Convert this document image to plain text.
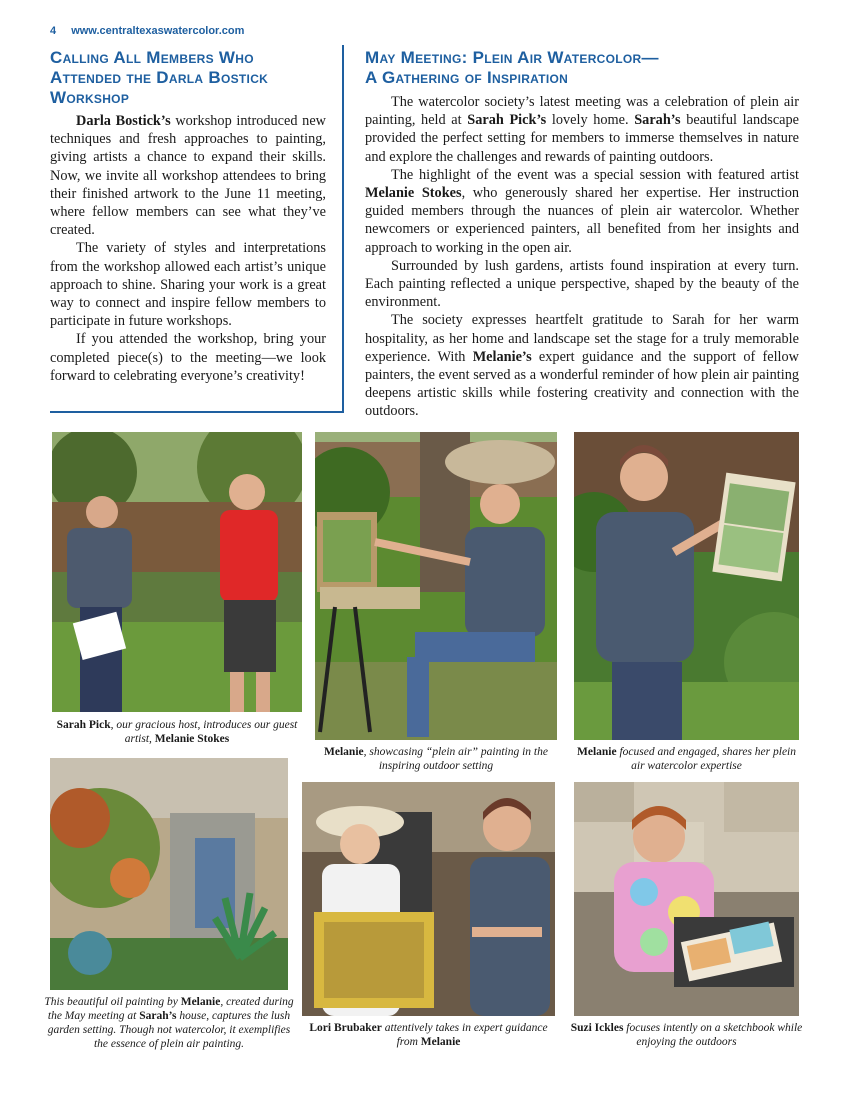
4 www.centraltexaswatercolor.com
Calling All Members Who
Attended the Darla Bostick
Workshop

Darla Bostick’s workshop introduced new techniques and fresh approaches to painting, giving artists a chance to expand their skills. Now, we invite all workshop attendees to bring their finished artwork to the June 11 meeting, where fellow members can see what they’ve created.

The variety of styles and interpretations from the workshop allowed each artist’s unique approach to shine. Sharing your work is a great way to connect and inspire fellow members to participate in future workshops.

If you attended the workshop, bring your completed piece(s) to the meeting—we look forward to celebrating everyone’s creativity!

May Meeting: Plein Air Watercolor—
A Gathering of Inspiration

The watercolor society’s latest meeting was a celebration of plein air painting, held at Sarah Pick’s lovely home. Sarah’s beautiful landscape provided the perfect setting for members to immerse themselves in nature and explore the challenges and rewards of painting outdoors.

The highlight of the event was a special session with featured artist Melanie Stokes, who generously shared her expertise. Her instruction guided members through the nuances of plein air watercolor. Whether newcomers or experienced painters, all benefited from her insights and approach to working in the open air.

Surrounded by lush gardens, artists found inspiration at every turn. Each painting reflected a unique perspective, shaped by the beauty of the environment.

The society expresses heartfelt gratitude to Sarah for her warm hospitality, as her home and landscape set the stage for a truly memorable experience. With Melanie’s expert guidance and the support of fellow painters, the event served as a wonderful reminder of how plein air painting deepens artistic skills while fostering creativity and connection with the outdoors.

Sarah Pick, our gracious host, introduces our guest artist, Melanie Stokes
Melanie, showcasing “plein air” painting in the inspiring outdoor setting
Melanie focused and engaged, shares her plein air watercolor expertise
This beautiful oil painting by Melanie, created during the May meeting at Sarah’s house, captures the lush garden setting. Though not watercolor, it exemplifies the essence of plein air painting.
Lori Brubaker attentively takes in expert guidance from Melanie
Suzi Ickles focuses intently on a sketchbook while enjoying the outdoors
